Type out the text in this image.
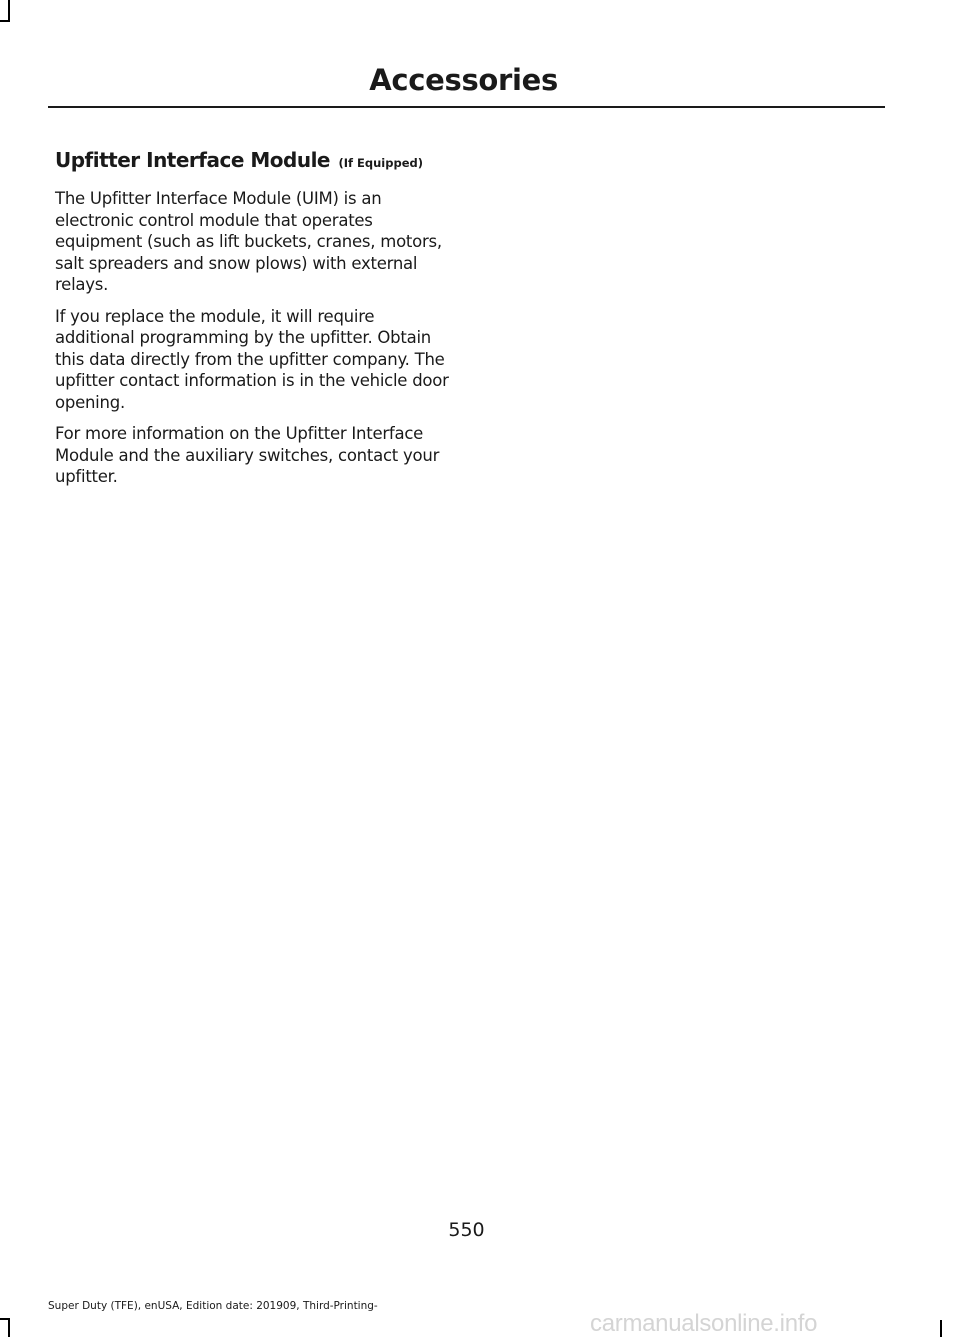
Accessories
Upfitter Interface Module (If Equipped)

The Upfitter Interface Module (UIM) is an electronic control module that operates equipment (such as lift buckets, cranes, motors, salt spreaders and snow plows) with external relays.

If you replace the module, it will require additional programming by the upfitter. Obtain this data directly from the upfitter company. The upfitter contact information is in the vehicle door opening.

For more information on the Upfitter Interface Module and the auxiliary switches, contact your upfitter.

550
Super Duty (TFE), enUSA, Edition date: 201909, Third-Printing-
carmanualsonline.info
